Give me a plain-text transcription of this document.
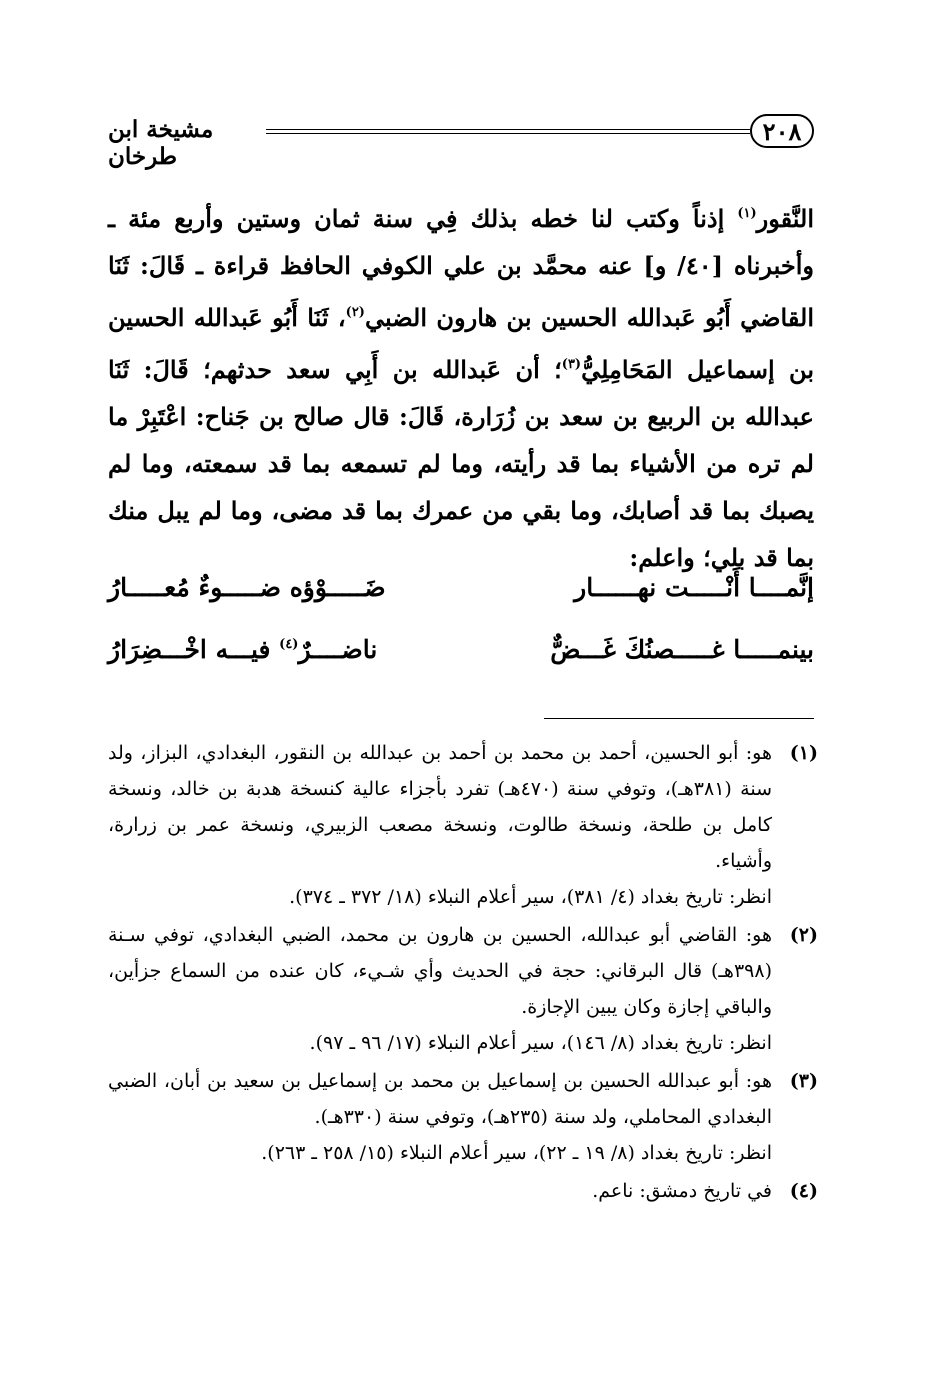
٢٠٨
مشيخة ابن طرخان
النَّقور$^{(١)}$ إذناً وكتب لنا خطه بذلك فِي سنة ثمان وستين وأربع مئة ـ وأخبرناه [٤٠/ و] عنه محمَّد بن علي الكوفي الحافظ قراءة ـ قَالَ: ثَنَا القاضي أَبُو عَبدالله الحسين بن هارون الضبي$^{(٢)}$، ثَنَا أَبُو عَبدالله الحسين بن إسماعيل المَحَامِلِيُّ$^{(٣)}$؛ أن عَبدالله بن أَبِي سعد حدثهم؛ قَالَ: ثَنَا عبدالله بن الربيع بن سعد بن زُرَارة، قَالَ: قال صالح بن جَناح: اعْتَبِرْ ما لم تره من الأشياء بما قد رأيته، وما لم تسمعه بما قد سمعته، وما لم يصبك بما قد أصابك، وما بقي من عمرك بما قد مضى، وما لم يبل منك بما قد بلي؛ واعلم:
إنَّمــــا أَنْـــــت نهــــــار
ضَـــــوْؤه ضـــــوءٌ مُعـــــارُ
بينمـــــا غـــــصنُكَ غَـــضٌّ
ناضــــرٌ$^{(٤)}$ فيـــه اخْـــضِرَارُ
(١)
هو: أبو الحسين، أحمد بن محمد بن أحمد بن عبدالله بن النقور، البغدادي، البزاز، ولد سنة (٣٨١هـ)، وتوفي سنة (٤٧٠هـ) تفرد بأجزاء عالية كنسخة هدبة بن خالد، ونسخة كامل بن طلحة، ونسخة طالوت، ونسخة مصعب الزبيري، ونسخة عمر بن زرارة، وأشياء.
انظر: تاريخ بغداد (٤/ ٣٨١)، سير أعلام النبلاء (١٨/ ٣٧٢ ـ ٣٧٤).
(٢)
هو: القاضي أبو عبدالله، الحسين بن هارون بن محمد، الضبي البغدادي، توفي سـنة (٣٩٨هـ) قال البرقاني: حجة في الحديث وأي شـيء، كان عنده من السماع جزأين، والباقي إجازة وكان يبين الإجازة.
انظر: تاريخ بغداد (٨/ ١٤٦)، سير أعلام النبلاء (١٧/ ٩٦ ـ ٩٧).
(٣)
هو: أبو عبدالله الحسين بن إسماعيل بن محمد بن إسماعيل بن سعيد بن أبان، الضبي البغدادي المحاملي، ولد سنة (٢٣٥هـ)، وتوفي سنة (٣٣٠هـ).
انظر: تاريخ بغداد (٨/ ١٩ ـ ٢٢)، سير أعلام النبلاء (١٥/ ٢٥٨ ـ ٢٦٣).
(٤)
في تاريخ دمشق: ناعم.
